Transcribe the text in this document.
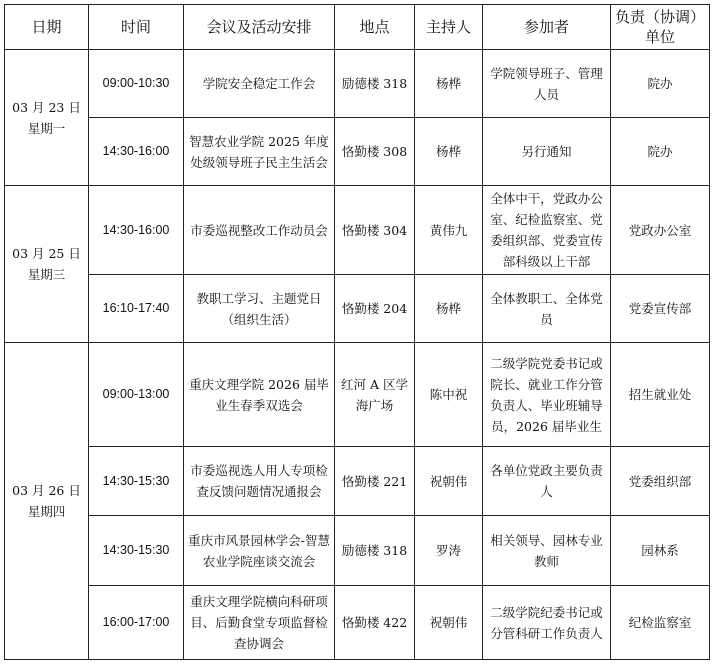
日期	时间	会议及活动安排	地点	主持人	参加者	负责（协调）单位

03 月 23 日
星期一	09:00-10:30	学院安全稳定工作会	励德楼 318	杨桦	学院领导班子、管理人员	院办
	14:30-16:00	智慧农业学院 2025 年度处级领导班子民主生活会	恪勤楼 308	杨桦	另行通知	院办

03 月 25 日
星期三	14:30-16:00	市委巡视整改工作动员会	恪勤楼 304	黄伟九	全体中干，党政办公室、纪检监察室、党委组织部、党委宣传部科级以上干部	党政办公室
	16:10-17:40	教职工学习、主题党日（组织生活）	恪勤楼 204	杨桦	全体教职工、全体党员	党委宣传部

03 月 26 日
星期四	09:00-13:00	重庆文理学院 2026 届毕业生春季双选会	红河 A 区学海广场	陈中祝	二级学院党委书记或院长、就业工作分管负责人、毕业班辅导员，2026 届毕业生	招生就业处
	14:30-15:30	市委巡视选人用人专项检查反馈问题情况通报会	恪勤楼 221	祝朝伟	各单位党政主要负责人	党委组织部
	14:30-15:30	重庆市风景园林学会-智慧农业学院座谈交流会	励德楼 318	罗涛	相关领导、园林专业教师	园林系
	16:00-17:00	重庆文理学院横向科研项目、后勤食堂专项监督检查协调会	恪勤楼 422	祝朝伟	二级学院纪委书记或分管科研工作负责人	纪检监察室
